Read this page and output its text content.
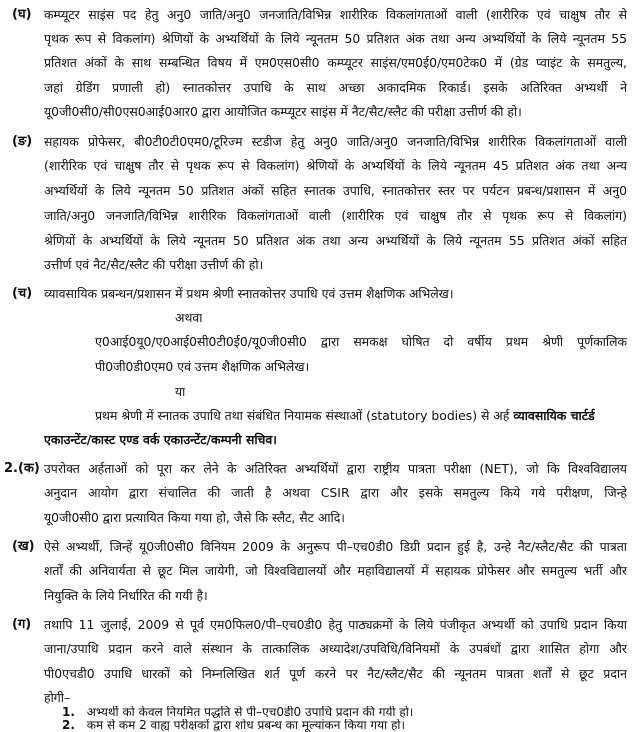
(घ) कम्प्यूटर साइंस पद हेतु अनु0 जाति/अनु0 जनजाति/विभिन्न शारीरिक विकलांगताओं वाली (शारीरिक एवं चाक्षुष तौर से
पृथक रूप से विकलांग) श्रेणियों के अभ्यर्थियों के लिये न्यूनतम 50 प्रतिशत अंक तथा अन्य अभ्यर्थियों के लिये न्यूनतम 55
प्रतिशत अंकों के साथ सम्बन्धित विषय में एम0एस0सी0 कम्प्यूटर साइंस/एम0ई0/एम0टेक0 में (ग्रेड प्वाइंट के समतुल्य,
जहां ग्रेडिंग प्रणाली हो) स्नातकोत्तर उपाधि के साथ अच्छा अकादमिक रिकार्ड। इसके अतिरिक्त अभ्यर्थी ने
यू0जी0सी0/सी0एस0आई0आर0 द्वारा आयोजित कम्प्यूटर साइंस में नैट/सैट/स्लैट की परीक्षा उत्तीर्ण की हो।
(ङ) सहायक प्रोफेसर, बी0टी0टी0एम0/टूरिज्म स्टडीज हेतु अनु0 जाति/अनु0 जनजाति/विभिन्न शारीरिक विकलांगताओं वाली
(शारीरिक एवं चाक्षुष तौर से पृथक रूप से विकलांग) श्रेणियों के अभ्यर्थियों के लिये न्यूनतम 45 प्रतिशत अंक तथा अन्य
अभ्यर्थियों के लिये न्यूनतम 50 प्रतिशत अंकों सहित स्नातक उपाधि, स्नातकोत्तर स्तर पर पर्यटन प्रबन्ध/प्रशासन में अनु0
जाति/अनु0 जनजाति/विभिन्न शारीरिक विकलांगताओं वाली (शारीरिक एवं चाक्षुष तौर से पृथक रूप से विकलांग)
श्रेणियों के अभ्यर्थियों के लिये न्यूनतम 50 प्रतिशत अंक तथा अन्य अभ्यर्थियों के लिये न्यूनतम 55 प्रतिशत अंकों सहित
उत्तीर्ण एवं नैट/सैट/स्लैट की परीक्षा उत्तीर्ण की हो।
(च) व्यावसायिक प्रबन्धन/प्रशासन में प्रथम श्रेणी स्नातकोत्तर उपाधि एवं उत्तम शैक्षणिक अभिलेख।
अथवा
ए0आई0यू0/ए0आई0सी0टी0ई0/यू0जी0सी0 द्वारा समकक्ष घोषित दो वर्षीय प्रथम श्रेणी पूर्णकालिक
पी0जी0डी0एम0 एवं उत्तम शैक्षणिक अभिलेख।
या
प्रथम श्रेणी में स्नातक उपाधि तथा संबंधित नियामक संस्थाओं (statutory bodies) से अर्ह व्यावसायिक चार्टर्ड
एकाउन्टेंट/कास्ट एण्ड वर्क एकाउन्टेंट/कम्पनी सचिव।
2.(क) उपरोक्त अर्हताओं को पूरा कर लेने के अतिरिक्त अभ्यर्थियों द्वारा राष्ट्रीय पात्रता परीक्षा (NET), जो कि विश्वविद्यालय
अनुदान आयोग द्वारा संचालित की जाती है अथवा CSIR द्वारा और इसके समतुल्य किये गये परीक्षण, जिन्हे
यू0जी0सी0 द्वारा प्रत्यायित किया गया हो, जैसे कि स्लैट, सैट आदि।
(ख) ऐसे अभ्यर्थी, जिन्हें यू0जी0सी0 विनियम 2009 के अनुरूप पी–एच0डी0 डिग्री प्रदान हुई है, उन्हे नैट/स्लैट/सैट की पात्रता
शर्तों की अनिवार्यता से छूट मिल जायेगी, जो विश्वविद्यालयों और महाविद्यालयों में सहायक प्रोफेसर और समतुल्य भर्ती और
नियुक्ति के लिये निर्धारित की गयी है।
(ग) तथापि 11 जुलाई, 2009 से पूर्व एम0फिल0/पी–एच0डी0 हेतु पाठ्यक्रमों के लिये पंजीकृत अभ्यर्थी को उपाधि प्रदान किया
जाना/उपाधि प्रदान करने वाले संस्थान के तात्कालिक अध्यादेश/उपविधि/विनियमों के उपबंधों द्वारा शासित होगा और
पी0एचडी0 उपाधि धारकों को निम्नलिखित शर्त पूर्ण करने पर नैट/स्लैट/सैट की न्यूनतम पात्रता शर्तों से छूट प्रदान
होगी–
1. अभ्यर्थी को केवल नियमित पद्धति से पी–एच0डी0 उपाधि प्रदान की गयी हो।
2. कम से कम 2 वाह्य परीक्षकों द्वारा शोध प्रबन्ध का मूल्यांकन किया गया हो।
